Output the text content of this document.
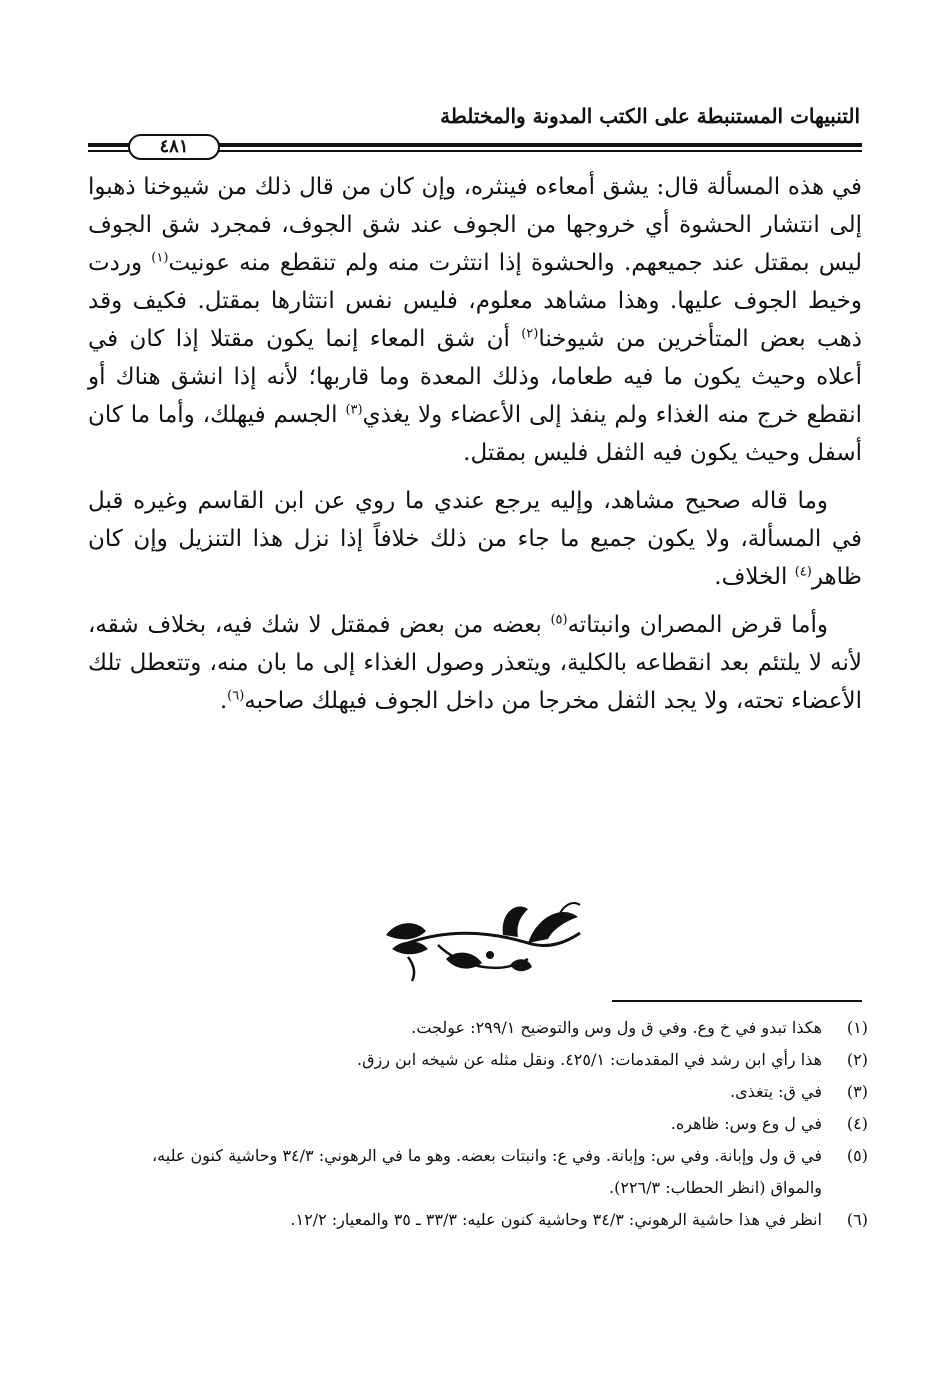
التنبيهات المستنبطة على الكتب المدونة والمختلطة
٤٨١

في هذه المسألة قال: يشق أمعاءه فينثره، وإن كان من قال ذلك من شيوخنا ذهبوا إلى انتشار الحشوة أي خروجها من الجوف عند شق الجوف، فمجرد شق الجوف ليس بمقتل عند جميعهم. والحشوة إذا انتثرت منه ولم تنقطع منه عونيت$^{(١)}$ وردت وخيط الجوف عليها. وهذا مشاهد معلوم، فليس نفس انتثارها بمقتل. فكيف وقد ذهب بعض المتأخرين من شيوخنا$^{(٢)}$ أن شق المعاء إنما يكون مقتلا إذا كان في أعلاه وحيث يكون ما فيه طعاما، وذلك المعدة وما قاربها؛ لأنه إذا انشق هناك أو انقطع خرج منه الغذاء ولم ينفذ إلى الأعضاء ولا يغذي$^{(٣)}$ الجسم فيهلك، وأما ما كان أسفل وحيث يكون فيه الثفل فليس بمقتل.

وما قاله صحيح مشاهد، وإليه يرجع عندي ما روي عن ابن القاسم وغيره قبل في المسألة، ولا يكون جميع ما جاء من ذلك خلافاً إذا نزل هذا التنزيل وإن كان ظاهر$^{(٤)}$ الخلاف.

وأما قرض المصران وانبتاته$^{(٥)}$ بعضه من بعض فمقتل لا شك فيه، بخلاف شقه، لأنه لا يلتئم بعد انقطاعه بالكلية، ويتعذر وصول الغذاء إلى ما بان منه، وتتعطل تلك الأعضاء تحته، ولا يجد الثفل مخرجا من داخل الجوف فيهلك صاحبه$^{(٦)}$.

(١)
هكذا تبدو في خ وع. وفي ق ول وس والتوضيح ٢٩٩/١: عولجت.
(٢)
هذا رأي ابن رشد في المقدمات: ٤٢٥/١. ونقل مثله عن شيخه ابن رزق.
(٣)
في ق: يتغذى.
(٤)
في ل وع وس: ظاهره.
(٥)
في ق ول وإبانة. وفي س: وإبانة. وفي ع: وانبتات بعضه. وهو ما في الرهوني: ٣٤/٣ وحاشية كنون عليه، والمواق (انظر الحطاب: ٢٢٦/٣).
(٦)
انظر في هذا حاشية الرهوني: ٣٤/٣ وحاشية كنون عليه: ٣٣/٣ ـ ٣٥ والمعيار: ١٢/٢.
